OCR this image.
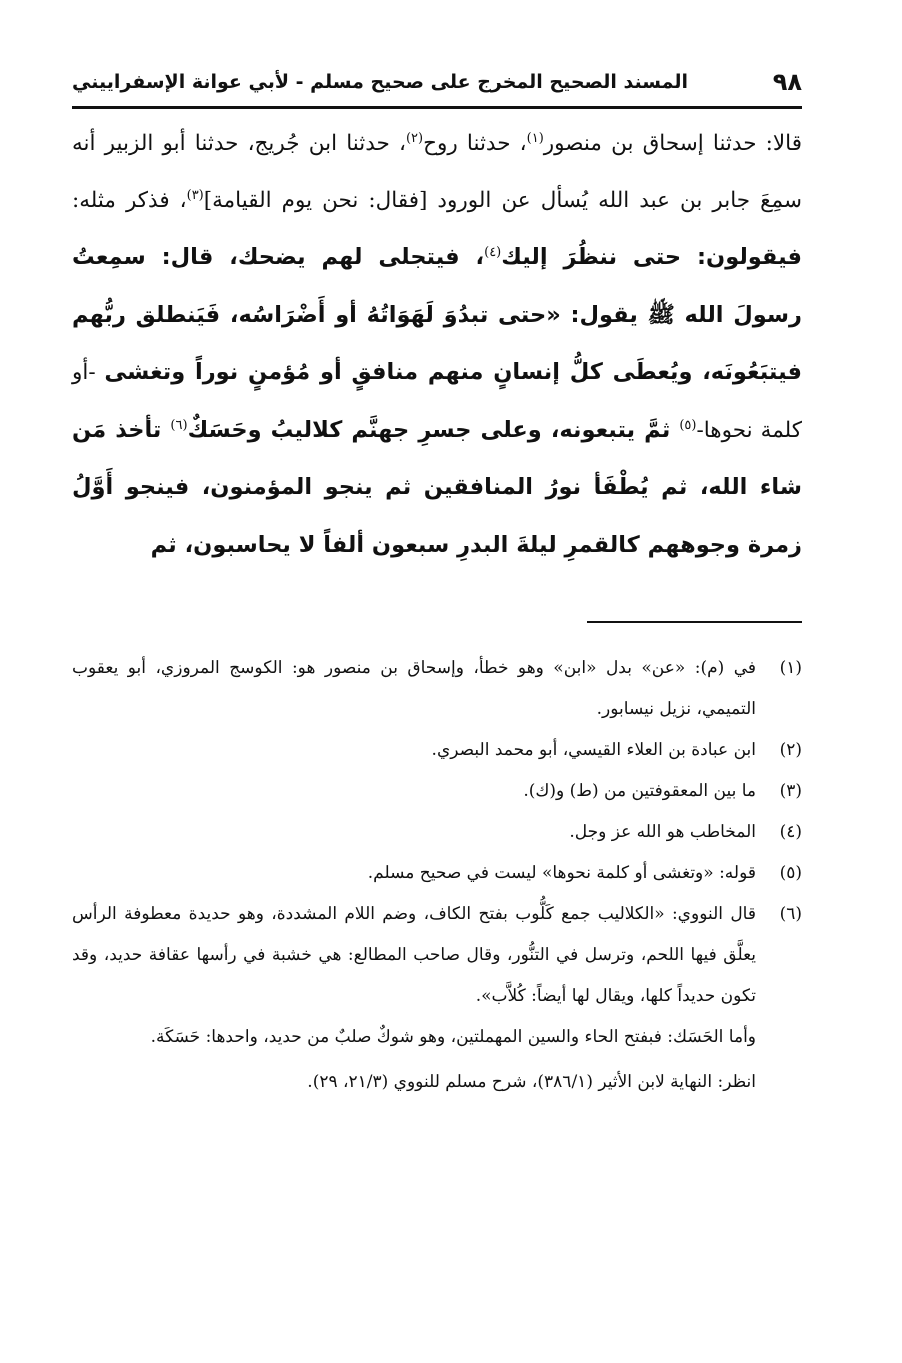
٩٨
المسند الصحيح المخرج على صحيح مسلم - لأبي عوانة الإسفراييني
قالا: حدثنا إسحاق بن منصور$^{(١)}$، حدثنا روح$^{(٢)}$، حدثنا ابن جُريج، حدثنا أبو الزبير أنه سمِعَ جابر بن عبد الله يُسأل عن الورود [فقال: نحن يوم القيامة]$^{(٣)}$، فذكر مثله: فيقولون: حتى ننظُرَ إليك$^{(٤)}$، فيتجلى لهم يضحك، قال: سمِعتُ رسولَ الله ﷺ يقول: «حتى تبدُوَ لَهَوَاتُهُ أو أَضْرَاسُه، فَيَنطلق ربُّهم فيتبَعُونَه، ويُعطَى كلُّ إنسانٍ منهم منافقٍ أو مُؤمنٍ نوراً وتغشى -أو كلمة نحوها-$^{(٥)}$ ثمَّ يتبعونه، وعلى جسرِ جهنَّم كلاليبُ وحَسَكٌ$^{(٦)}$ تأخذ مَن شاء الله، ثم يُطْفَأ نورُ المنافقين ثم ينجو المؤمنون، فينجو أَوَّلُ زمرة وجوههم كالقمرِ ليلةَ البدرِ سبعون ألفاً لا يحاسبون، ثم
(١)
في (م): «عن» بدل «ابن» وهو خطأ، وإسحاق بن منصور هو: الكوسج المروزي، أبو يعقوب التميمي، نزيل نيسابور.
(٢)
ابن عبادة بن العلاء القيسي، أبو محمد البصري.
(٣)
ما بين المعقوفتين من (ط) و(ك).
(٤)
المخاطب هو الله عز وجل.
(٥)
قوله: «وتغشى أو كلمة نحوها» ليست في صحيح مسلم.
(٦)
قال النووي: «الكلاليب جمع كَلُّوب بفتح الكاف، وضم اللام المشددة، وهو حديدة معطوفة الرأس يعلَّق فيها اللحم، وترسل في التنُّور، وقال صاحب المطالع: هي خشبة في رأسها عقافة حديد، وقد تكون حديداً كلها، ويقال لها أيضاً: كُلاَّب».
وأما الحَسَك: فبفتح الحاء والسين المهملتين، وهو شوكٌ صلبٌ من حديد، واحدها: حَسَكَة.
انظر: النهاية لابن الأثير (٣٨٦/١)، شرح مسلم للنووي (٢١/٣، ٢٩).
